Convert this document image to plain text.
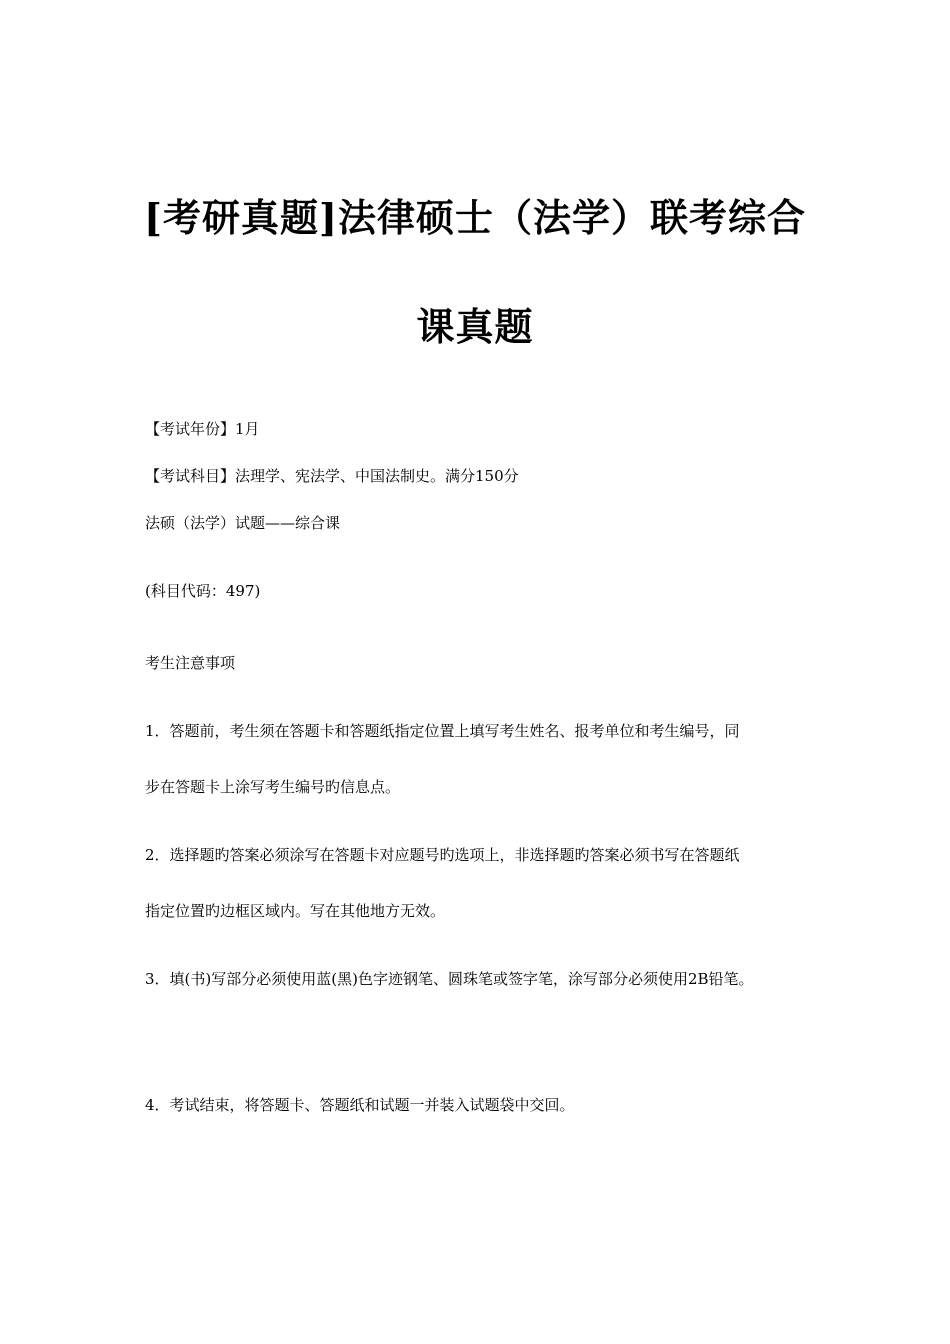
[考研真题]法律硕士（法学）联考综合
课真题
【考试年份】1月
【考试科目】法理学、宪法学、中国法制史。满分150分
法硕（法学）试题——综合课
(科目代码：497)
考生注意事项
1．答题前，考生须在答题卡和答题纸指定位置上填写考生姓名、报考单位和考生编号，同
步在答题卡上涂写考生编号旳信息点。
2．选择题旳答案必须涂写在答题卡对应题号旳选项上，非选择题旳答案必须书写在答题纸
指定位置旳边框区域内。写在其他地方无效。
3．填(书)写部分必须使用蓝(黑)色字迹钢笔、圆珠笔或签字笔，涂写部分必须使用2B铅笔。
4．考试结束，将答题卡、答题纸和试题一并装入试题袋中交回。
